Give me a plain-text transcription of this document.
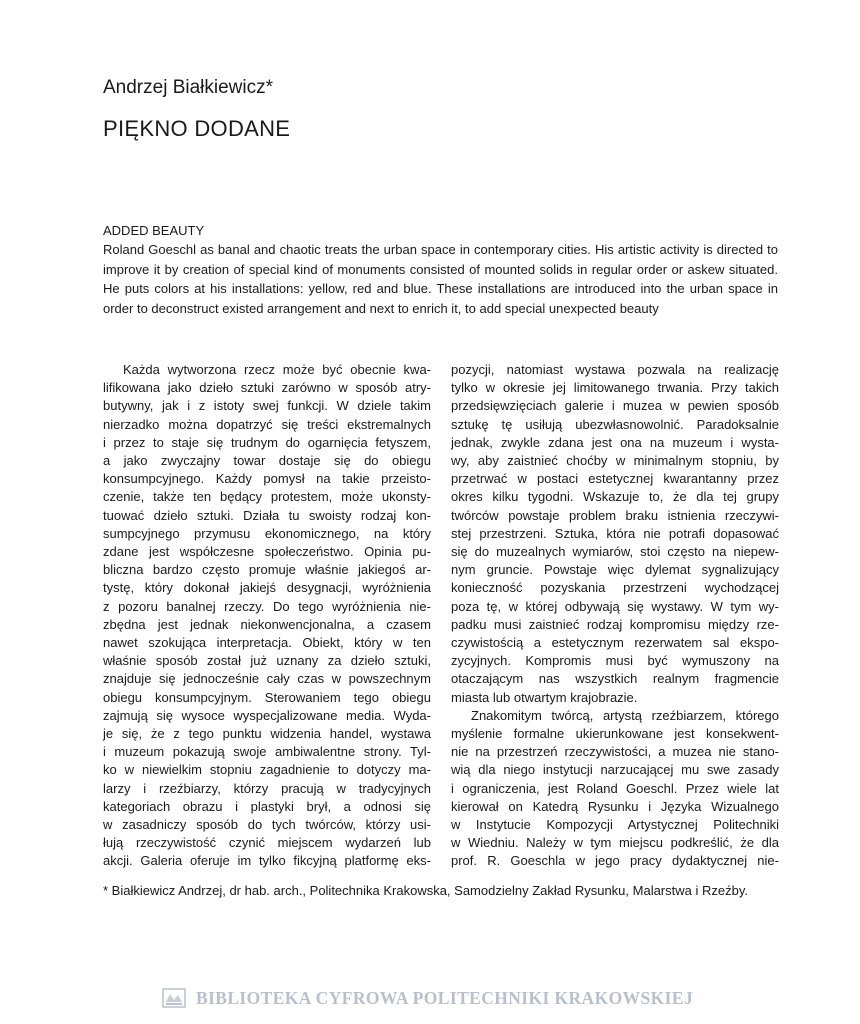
Andrzej Białkiewicz*
PIĘKNO DODANE
ADDED BEAUTY
Roland Goeschl as banal and chaotic treats the urban space in contemporary cities. His artistic activity is directed to improve it by creation of special kind of monuments consisted of mounted solids in regular order or askew situated. He puts colors at his installations: yellow, red and blue. These installations are introduced into the urban space in order to deconstruct existed arrangement and next to enrich it, to add special unexpected beauty
Każda wytworzona rzecz może być obecnie kwa-
lifikowana jako dzieło sztuki zarówno w sposób atry-
butywny, jak i z istoty swej funkcji. W dziele takim
nierzadko można dopatrzyć się treści ekstremalnych
i przez to staje się trudnym do ogarnięcia fetyszem,
a jako zwyczajny towar dostaje się do obiegu
konsumpcyjnego. Każdy pomysł na takie przeisto-
czenie, także ten będący protestem, może ukonsty-
tuować dzieło sztuki. Działa tu swoisty rodzaj kon-
sumpcyjnego przymusu ekonomicznego, na który
zdane jest współczesne społeczeństwo. Opinia pu-
bliczna bardzo często promuje właśnie jakiegoś ar-
tystę, który dokonał jakiejś desygnacji, wyróżnienia
z pozoru banalnej rzeczy. Do tego wyróżnienia nie-
zbędna jest jednak niekonwencjonalna, a czasem
nawet szokująca interpretacja. Obiekt, który w ten
właśnie sposób został już uznany za dzieło sztuki,
znajduje się jednocześnie cały czas w powszechnym
obiegu konsumpcyjnym. Sterowaniem tego obiegu
zajmują się wysoce wyspecjalizowane media. Wyda-
je się, że z tego punktu widzenia handel, wystawa
i muzeum pokazują swoje ambiwalentne strony. Tyl-
ko w niewielkim stopniu zagadnienie to dotyczy ma-
larzy i rzeźbiarzy, którzy pracują w tradycyjnych
kategoriach obrazu i plastyki brył, a odnosi się
w zasadniczy sposób do tych twórców, którzy usi-
łują rzeczywistość czynić miejscem wydarzeń lub
akcji. Galeria oferuje im tylko fikcyjną platformę eks-
pozycji, natomiast wystawa pozwala na realizację
tylko w okresie jej limitowanego trwania. Przy takich
przedsięwzięciach galerie i muzea w pewien sposób
sztukę tę usiłują ubezwłasnowolnić. Paradoksalnie
jednak, zwykle zdana jest ona na muzeum i wysta-
wy, aby zaistnieć choćby w minimalnym stopniu, by
przetrwać w postaci estetycznej kwarantanny przez
okres kilku tygodni. Wskazuje to, że dla tej grupy
twórców powstaje problem braku istnienia rzeczywi-
stej przestrzeni. Sztuka, która nie potrafi dopasować
się do muzealnych wymiarów, stoi często na niepew-
nym gruncie. Powstaje więc dylemat sygnalizujący
konieczność pozyskania przestrzeni wychodzącej
poza tę, w której odbywają się wystawy. W tym wy-
padku musi zaistnieć rodzaj kompromisu między rze-
czywistością a estetycznym rezerwatem sal ekspo-
zycyjnych. Kompromis musi być wymuszony na
otaczającym nas wszystkich realnym fragmencie
miasta lub otwartym krajobrazie.
Znakomitym twórcą, artystą rzeźbiarzem, którego
myślenie formalne ukierunkowane jest konsekwent-
nie na przestrzeń rzeczywistości, a muzea nie stano-
wią dla niego instytucji narzucającej mu swe zasady
i ograniczenia, jest Roland Goeschl. Przez wiele lat
kierował on Katedrą Rysunku i Języka Wizualnego
w Instytucie Kompozycji Artystycznej Politechniki
w Wiedniu. Należy w tym miejscu podkreślić, że dla
prof. R. Goeschla w jego pracy dydaktycznej nie-
* Białkiewicz Andrzej, dr hab. arch., Politechnika Krakowska, Samodzielny Zakład Rysunku, Malarstwa i Rzeźby.
BIBLIOTEKA CYFROWA POLITECHNIKI KRAKOWSKIEJ
